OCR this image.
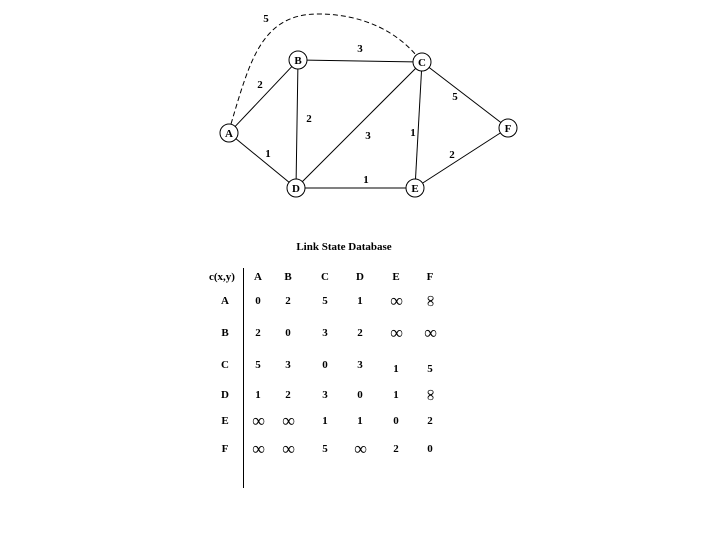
5
2
1
3
2
3	1
5
1
2
A
B	C
D	E
F
Link State Database
c(x,y) A B	C D	E F
A 0 2	5	1 ∞ ∞
B 2 0	3	2 ∞ ∞
C 5 3	0	3	1	5
D 1 2	3	0	1 ∞
E ∞ ∞	1	1	0	2
F ∞ ∞	5 ∞ 2	0
